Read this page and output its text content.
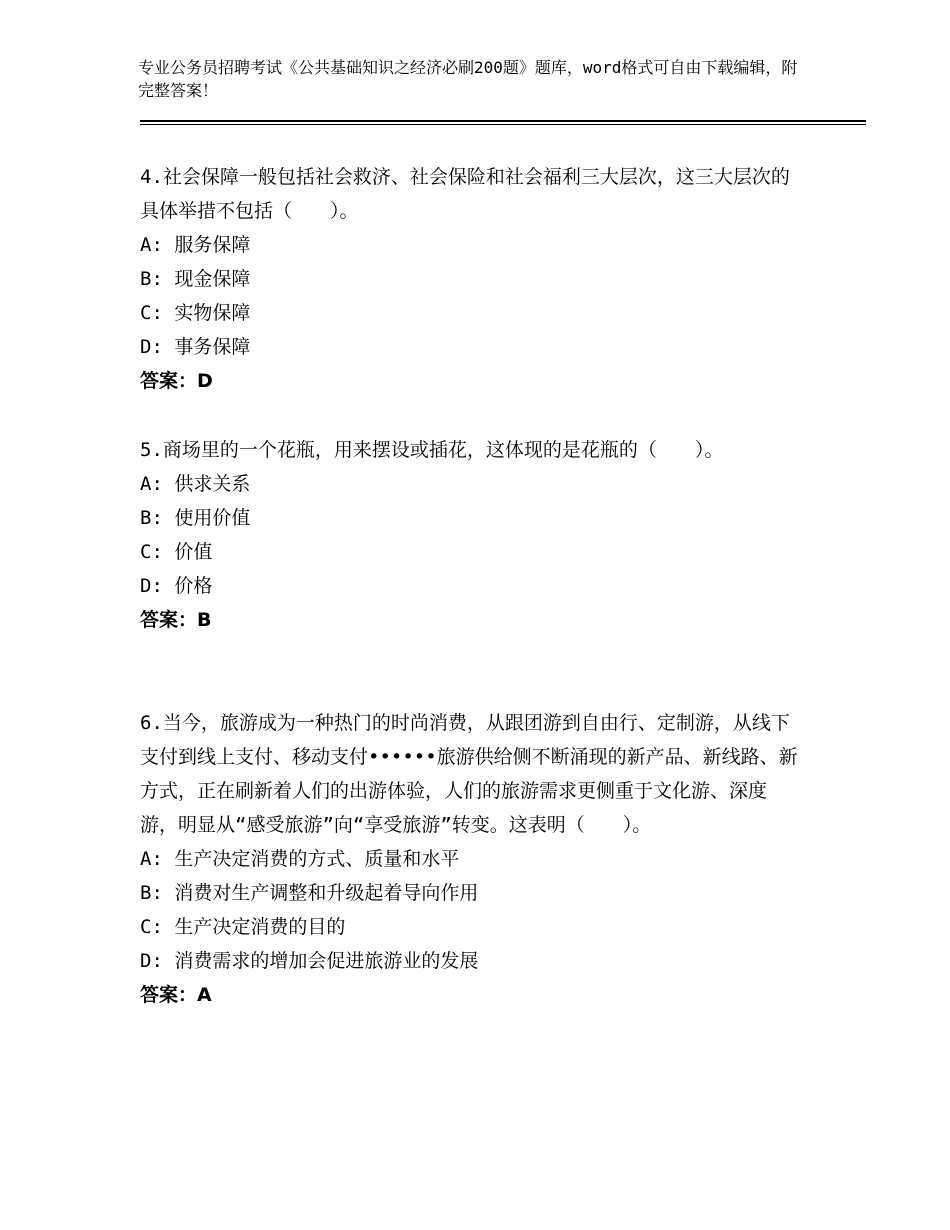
专业公务员招聘考试《公共基础知识之经济必刷200题》题库，word格式可自由下载编辑，附完整答案！

4.社会保障一般包括社会救济、社会保险和社会福利三大层次，这三大层次的具体举措不包括（　　）。

A: 服务保障

B: 现金保障

C: 实物保障

D: 事务保障

答案：D

5.商场里的一个花瓶，用来摆设或插花，这体现的是花瓶的（　　）。

A: 供求关系

B: 使用价值

C: 价值

D: 价格

答案：B

6.当今，旅游成为一种热门的时尚消费，从跟团游到自由行、定制游，从线下支付到线上支付、移动支付••••••旅游供给侧不断涌现的新产品、新线路、新方式，正在刷新着人们的出游体验，人们的旅游需求更侧重于文化游、深度游，明显从“感受旅游”向“享受旅游”转变。这表明（　　）。

A: 生产决定消费的方式、质量和水平

B: 消费对生产调整和升级起着导向作用

C: 生产决定消费的目的

D: 消费需求的增加会促进旅游业的发展

答案：A
